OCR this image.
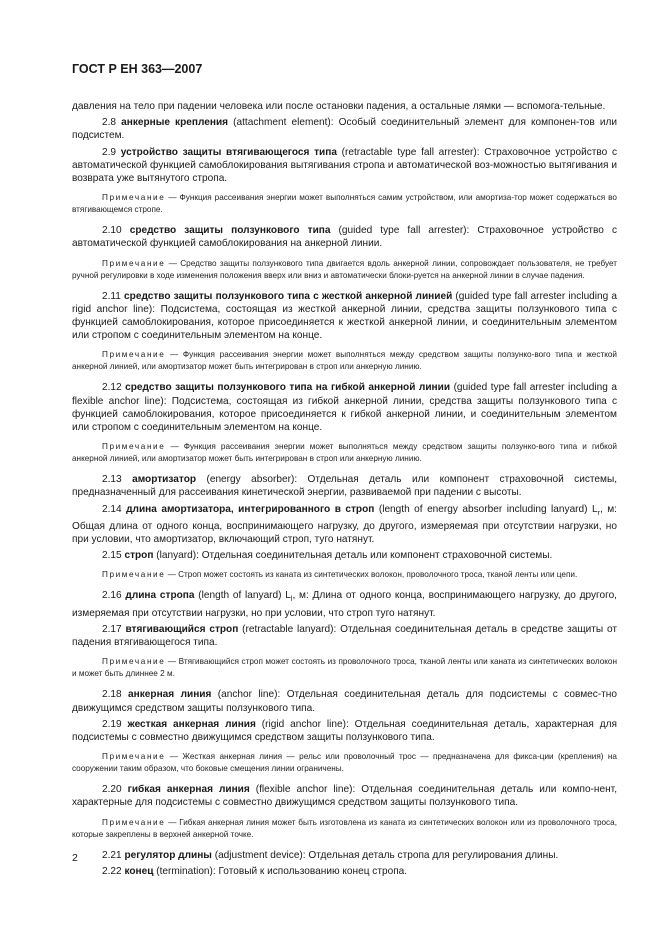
ГОСТ Р ЕН 363—2007
давления на тело при падении человека или после остановки падения, а остальные лямки — вспомога-тельные.
2.8 анкерные крепления (attachment element): Особый соединительный элемент для компонен-тов или подсистем.
2.9 устройство защиты втягивающегося типа (retractable type fall arrester): Страховочное устройство с автоматической функцией самоблокирования вытягивания стропа и автоматической воз-можностью вытягивания и возврата уже вытянутого стропа.
Примечание — Функция рассеивания энергии может выполняться самим устройством, или амортиза-тор может содержаться во втягивающемся стропе.
2.10 средство защиты ползункового типа (guided type fall arrester): Страховочное устройство с автоматической функцией самоблокирования на анкерной линии.
Примечание — Средство защиты ползункового типа двигается вдоль анкерной линии, сопровождает пользователя, не требует ручной регулировки в ходе изменения положения вверх или вниз и автоматически блоки-руется на анкерной линии в случае падения.
2.11 средство защиты ползункового типа с жесткой анкерной линией (guided type fall arrester including a rigid anchor line): Подсистема, состоящая из жесткой анкерной линии, средства защиты ползункового типа с функцией самоблокирования, которое присоединяется к жесткой анкерной линии, и соединительным элементом или стропом с соединительным элементом на конце.
Примечание — Функция рассеивания энергии может выполняться между средством защиты ползунко-вого типа и жесткой анкерной линией, или амортизатор может быть интегрирован в строп или анкерную линию.
2.12 средство защиты ползункового типа на гибкой анкерной линии (guided type fall arrester including a flexible anchor line): Подсистема, состоящая из гибкой анкерной линии, средства защиты ползункового типа с функцией самоблокирования, которое присоединяется к гибкой анкерной линии, и соединительным элементом или стропом с соединительным элементом на конце.
Примечание — Функция рассеивания энергии может выполняться между средством защиты ползунко-вого типа и гибкой анкерной линией, или амортизатор может быть интегрирован в строп или анкерную линию.
2.13 амортизатор (energy absorber): Отдельная деталь или компонент страховочной системы, предназначенный для рассеивания кинетической энергии, развиваемой при падении с высоты.
2.14 длина амортизатора, интегрированного в строп (length of energy absorber including lanyard) $L_r$, м: Общая длина от одного конца, воспринимающего нагрузку, до другого, измеряемая при отсутствии нагрузки, но при условии, что амортизатор, включающий строп, туго натянут.
2.15 строп (lanyard): Отдельная соединительная деталь или компонент страховочной системы.
Примечание — Строп может состоять из каната из синтетических волокон, проволочного троса, тканой ленты или цепи.
2.16 длина стропа (length of lanyard) $L_l$, м: Длина от одного конца, воспринимающего нагрузку, до другого, измеряемая при отсутствии нагрузки, но при условии, что строп туго натянут.
2.17 втягивающийся строп (retractable lanyard): Отдельная соединительная деталь в средстве защиты от падения втягивающегося типа.
Примечание — Втягивающийся строп может состоять из проволочного троса, тканой ленты или каната из синтетических волокон и может быть длиннее 2 м.
2.18 анкерная линия (anchor line): Отдельная соединительная деталь для подсистемы с совмес-тно движущимся средством защиты ползункового типа.
2.19 жесткая анкерная линия (rigid anchor line): Отдельная соединительная деталь, характерная для подсистемы с совместно движущимся средством защиты ползункового типа.
Примечание — Жесткая анкерная линия — рельс или проволочный трос — предназначена для фикса-ции (крепления) на сооружении таким образом, что боковые смещения линии ограничены.
2.20 гибкая анкерная линия (flexible anchor line): Отдельная соединительная деталь или компо-нент, характерные для подсистемы с совместно движущимся средством защиты ползункового типа.
Примечание — Гибкая анкерная линия может быть изготовлена из каната из синтетических волокон или из проволочного троса, которые закреплены в верхней анкерной точке.
2.21 регулятор длины (adjustment device): Отдельная деталь стропа для регулирования длины.
2.22 конец (termination): Готовый к использованию конец стропа.
2
